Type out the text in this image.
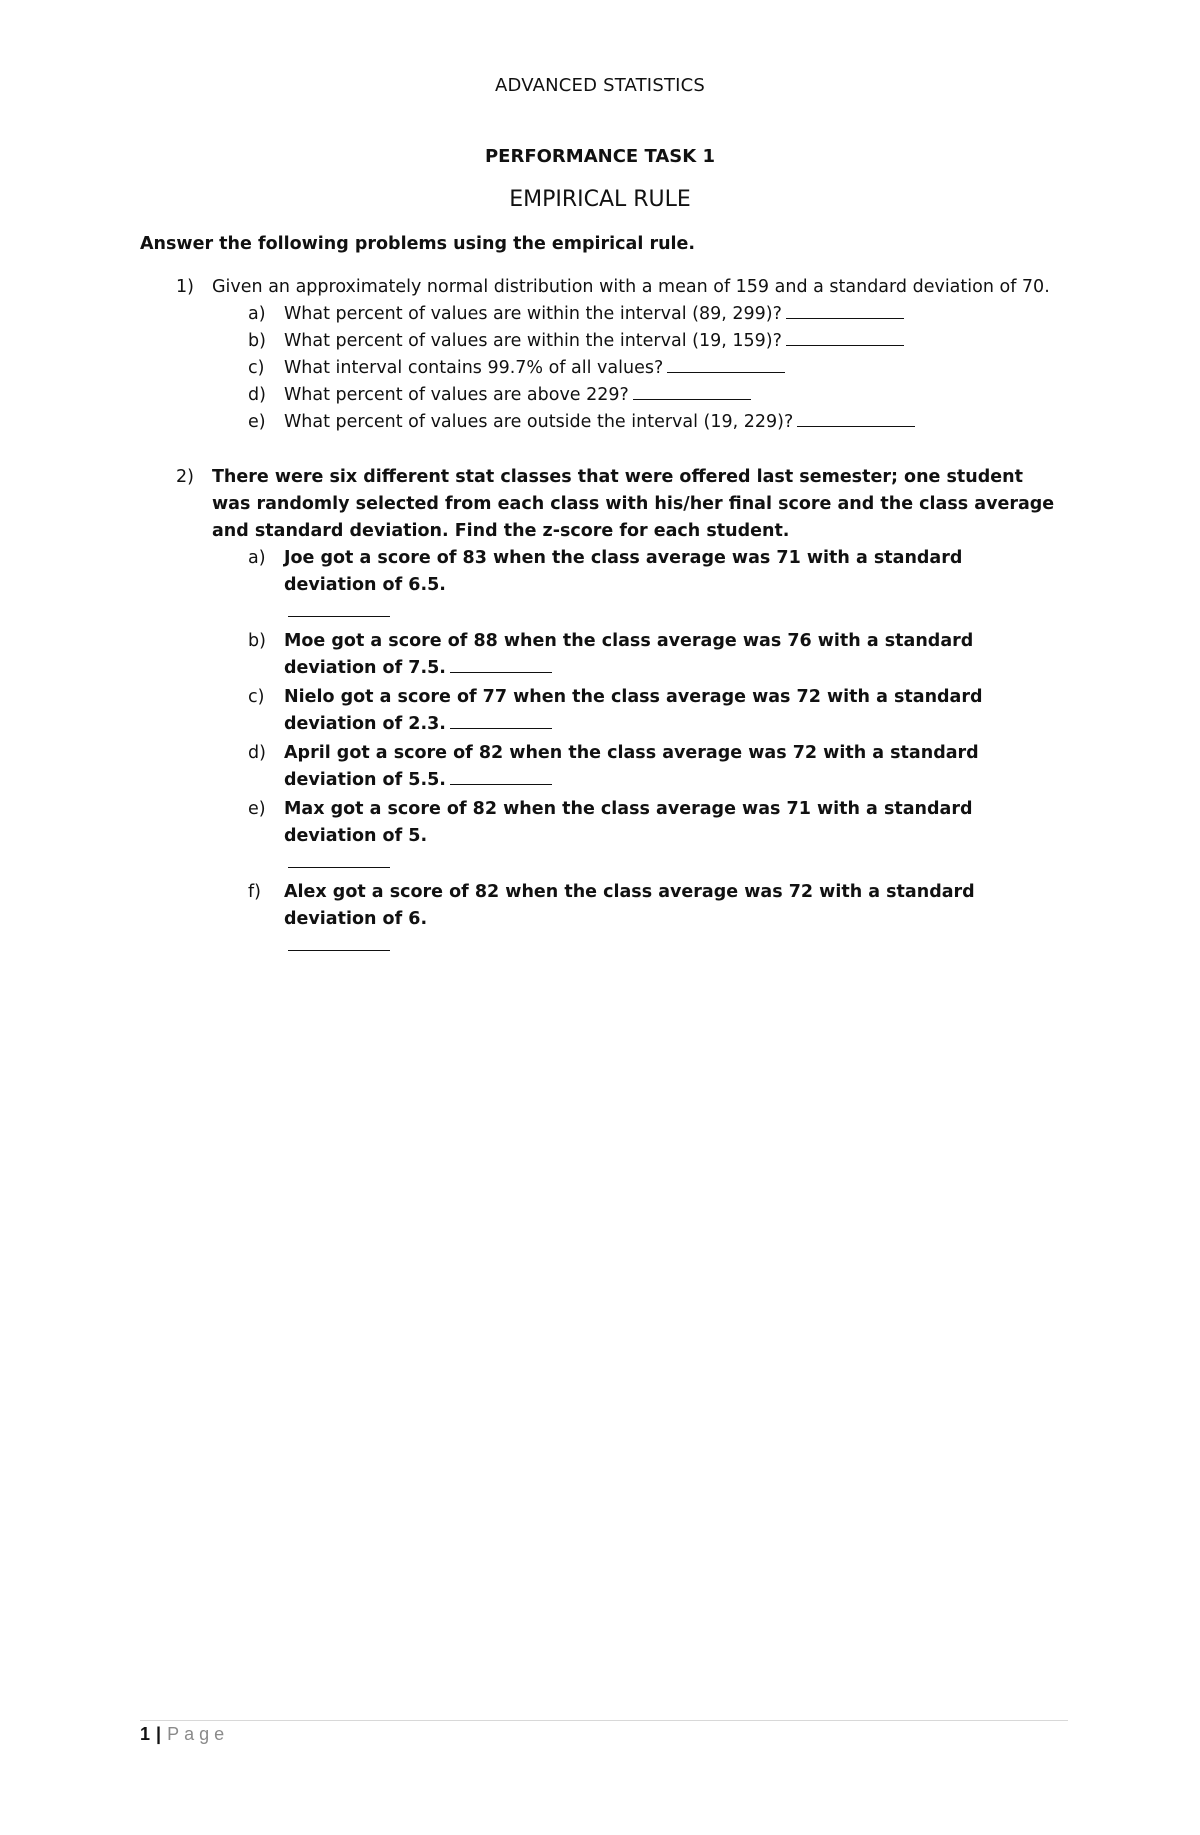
ADVANCED STATISTICS
PERFORMANCE TASK 1
EMPIRICAL RULE
Answer the following problems using the empirical rule.
1) Given an approximately normal distribution with a mean of 159 and a standard deviation of 70.
a) What percent of values are within the interval (89, 299)?
b) What percent of values are within the interval (19, 159)?
c) What interval contains 99.7% of all values?
d) What percent of values are above 229?
e) What percent of values are outside the interval (19, 229)?
2) There were six different stat classes that were offered last semester; one student was randomly selected from each class with his/her final score and the class average and standard deviation. Find the z-score for each student.
a) Joe got a score of 83 when the class average was 71 with a standard deviation of 6.5.

b) Moe got a score of 88 when the class average was 76 with a standard deviation of 7.5.
c) Nielo got a score of 77 when the class average was 72 with a standard deviation of 2.3.
d) April got a score of 82 when the class average was 72 with a standard deviation of 5.5.
e) Max got a score of 82 when the class average was 71 with a standard deviation of 5.

f) Alex got a score of 82 when the class average was 72 with a standard deviation of 6.

1 | Page
